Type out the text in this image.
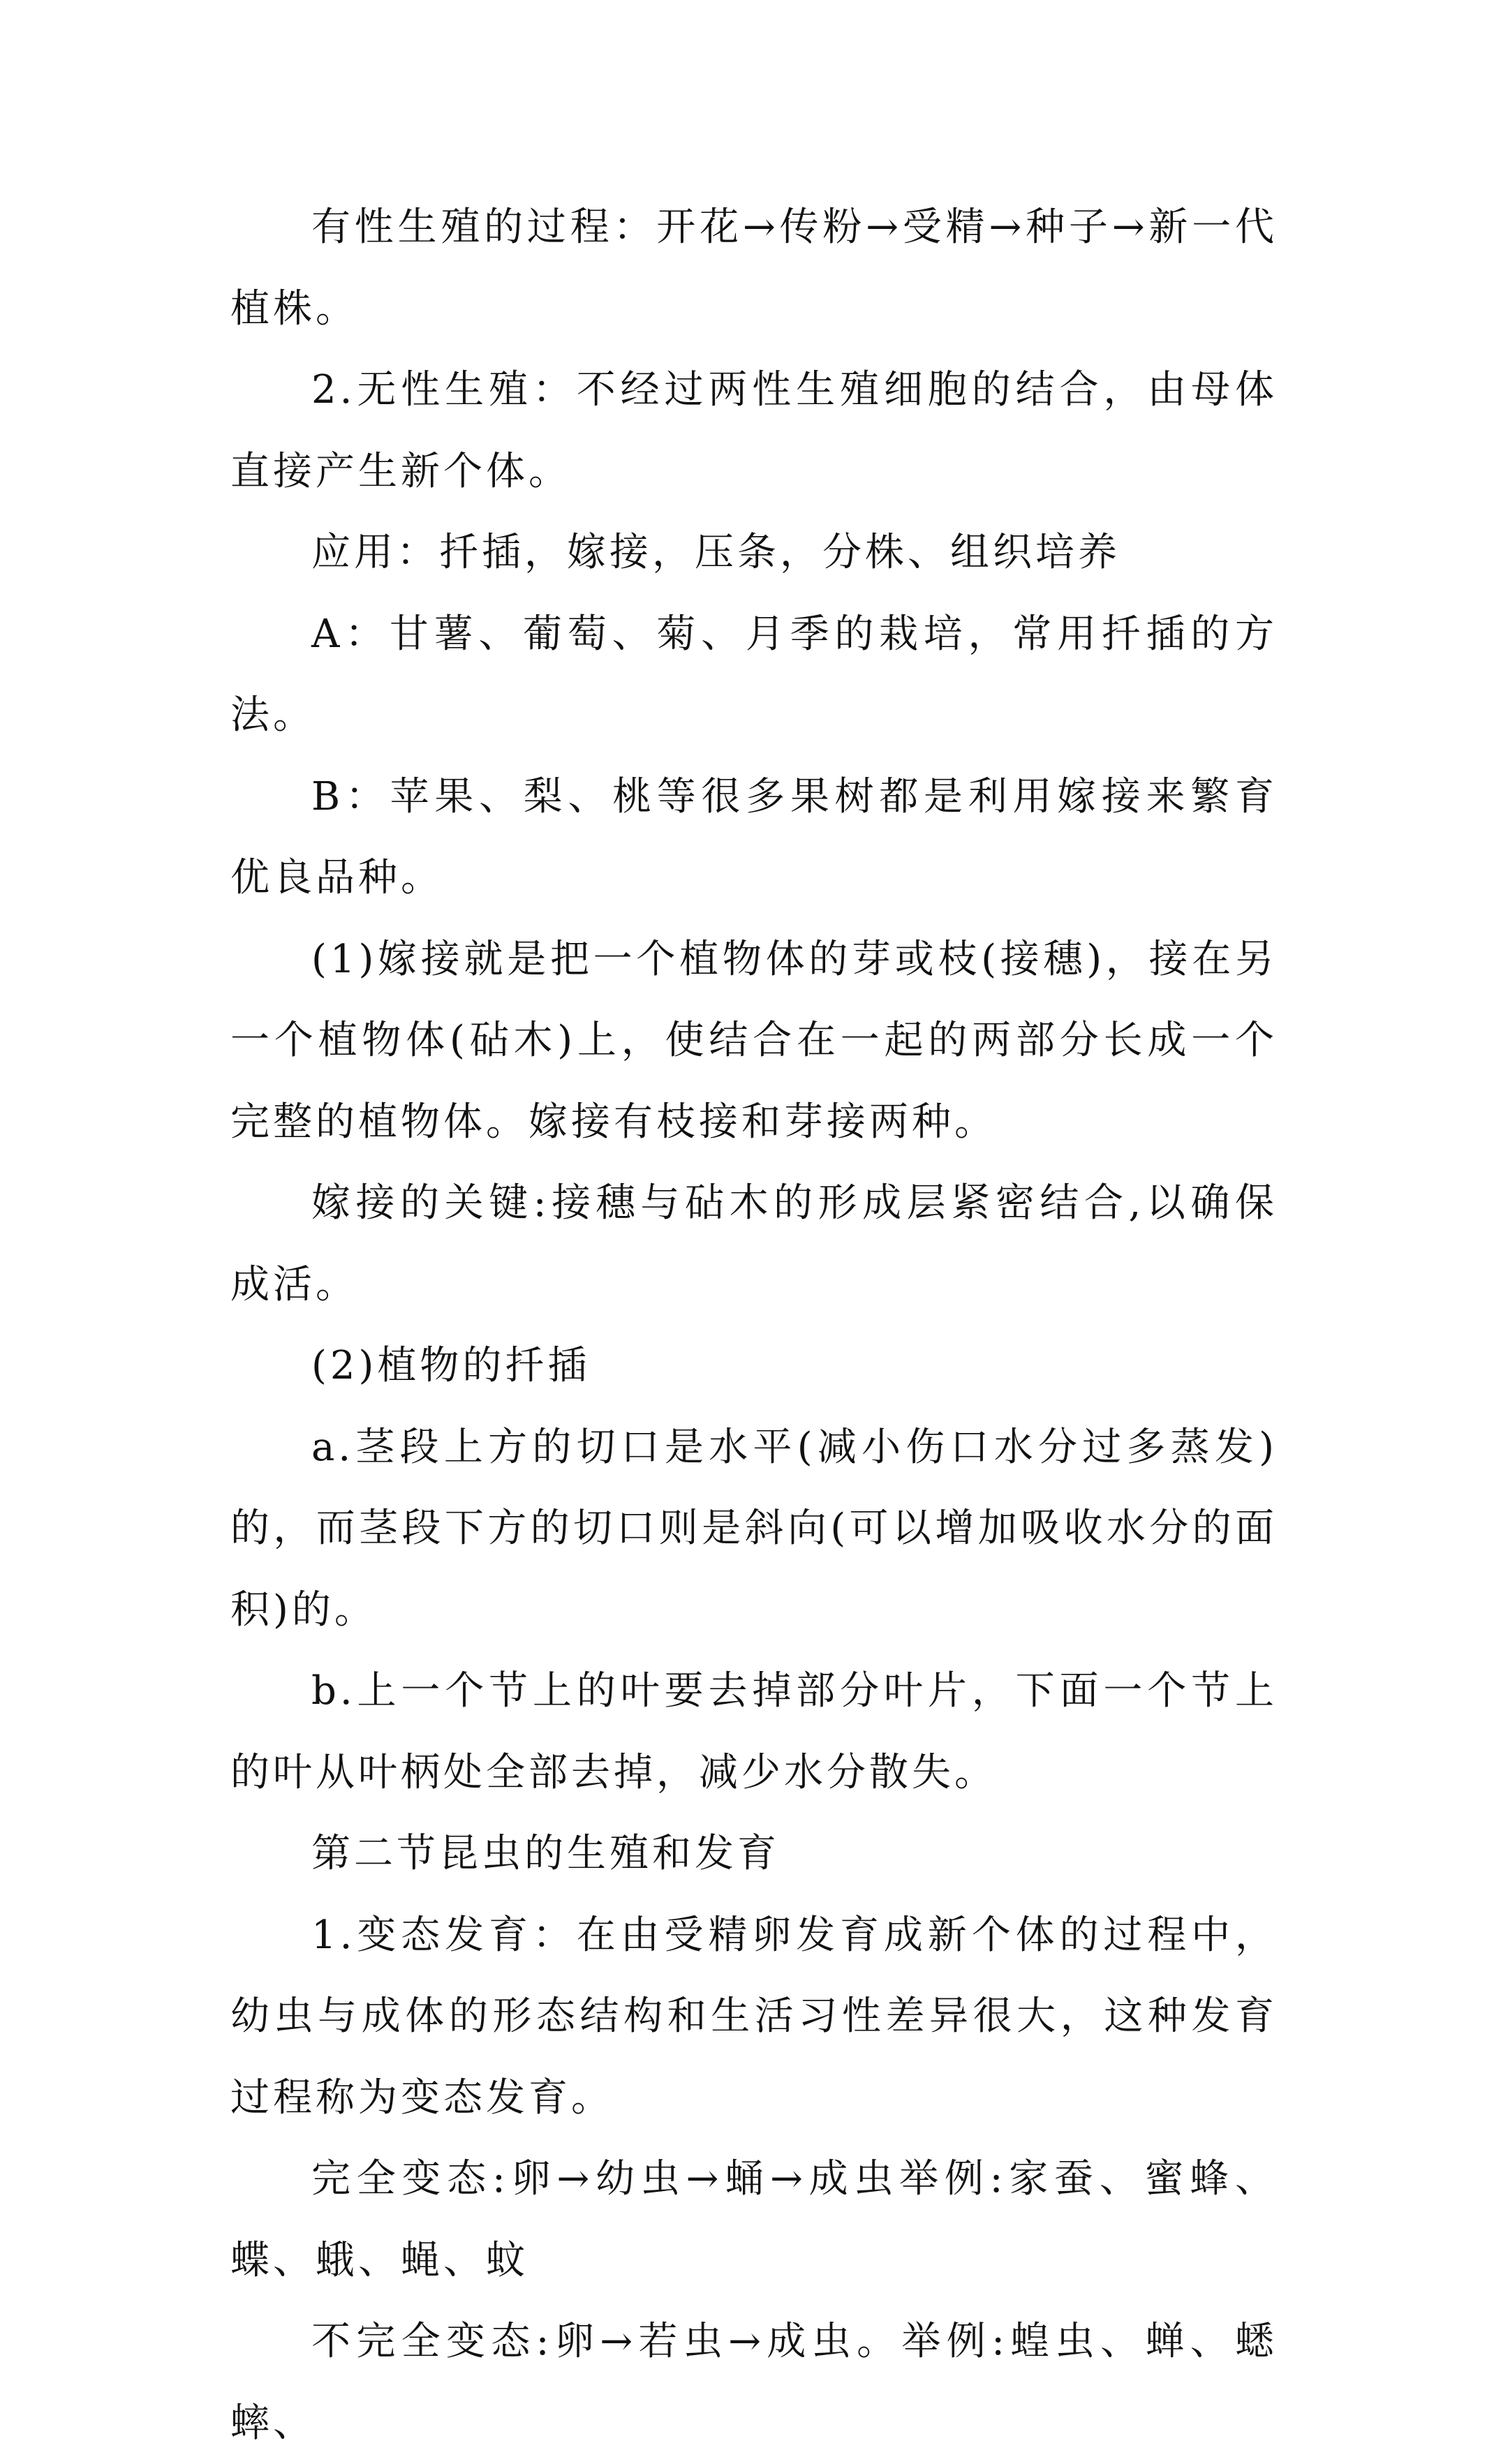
有性生殖的过程：开花→传粉→受精→种子→新一代植株。

2.无性生殖：不经过两性生殖细胞的结合，由母体直接产生新个体。

应用：扦插，嫁接，压条，分株、组织培养

A：甘薯、葡萄、菊、月季的栽培，常用扦插的方法。

B：苹果、梨、桃等很多果树都是利用嫁接来繁育优良品种。

(1)嫁接就是把一个植物体的芽或枝(接穗)，接在另一个植物体(砧木)上，使结合在一起的两部分长成一个完整的植物体。嫁接有枝接和芽接两种。

嫁接的关键:接穗与砧木的形成层紧密结合,以确保成活。

(2)植物的扦插

a.茎段上方的切口是水平(减小伤口水分过多蒸发)的，而茎段下方的切口则是斜向(可以增加吸收水分的面积)的。

b.上一个节上的叶要去掉部分叶片，下面一个节上的叶从叶柄处全部去掉，减少水分散失。

第二节昆虫的生殖和发育

1.变态发育：在由受精卵发育成新个体的过程中，幼虫与成体的形态结构和生活习性差异很大，这种发育过程称为变态发育。

完全变态:卵→幼虫→蛹→成虫举例:家蚕、蜜蜂、蝶、蛾、蝇、蚊

不完全变态:卵→若虫→成虫。举例:蝗虫、蝉、蟋蟀、
